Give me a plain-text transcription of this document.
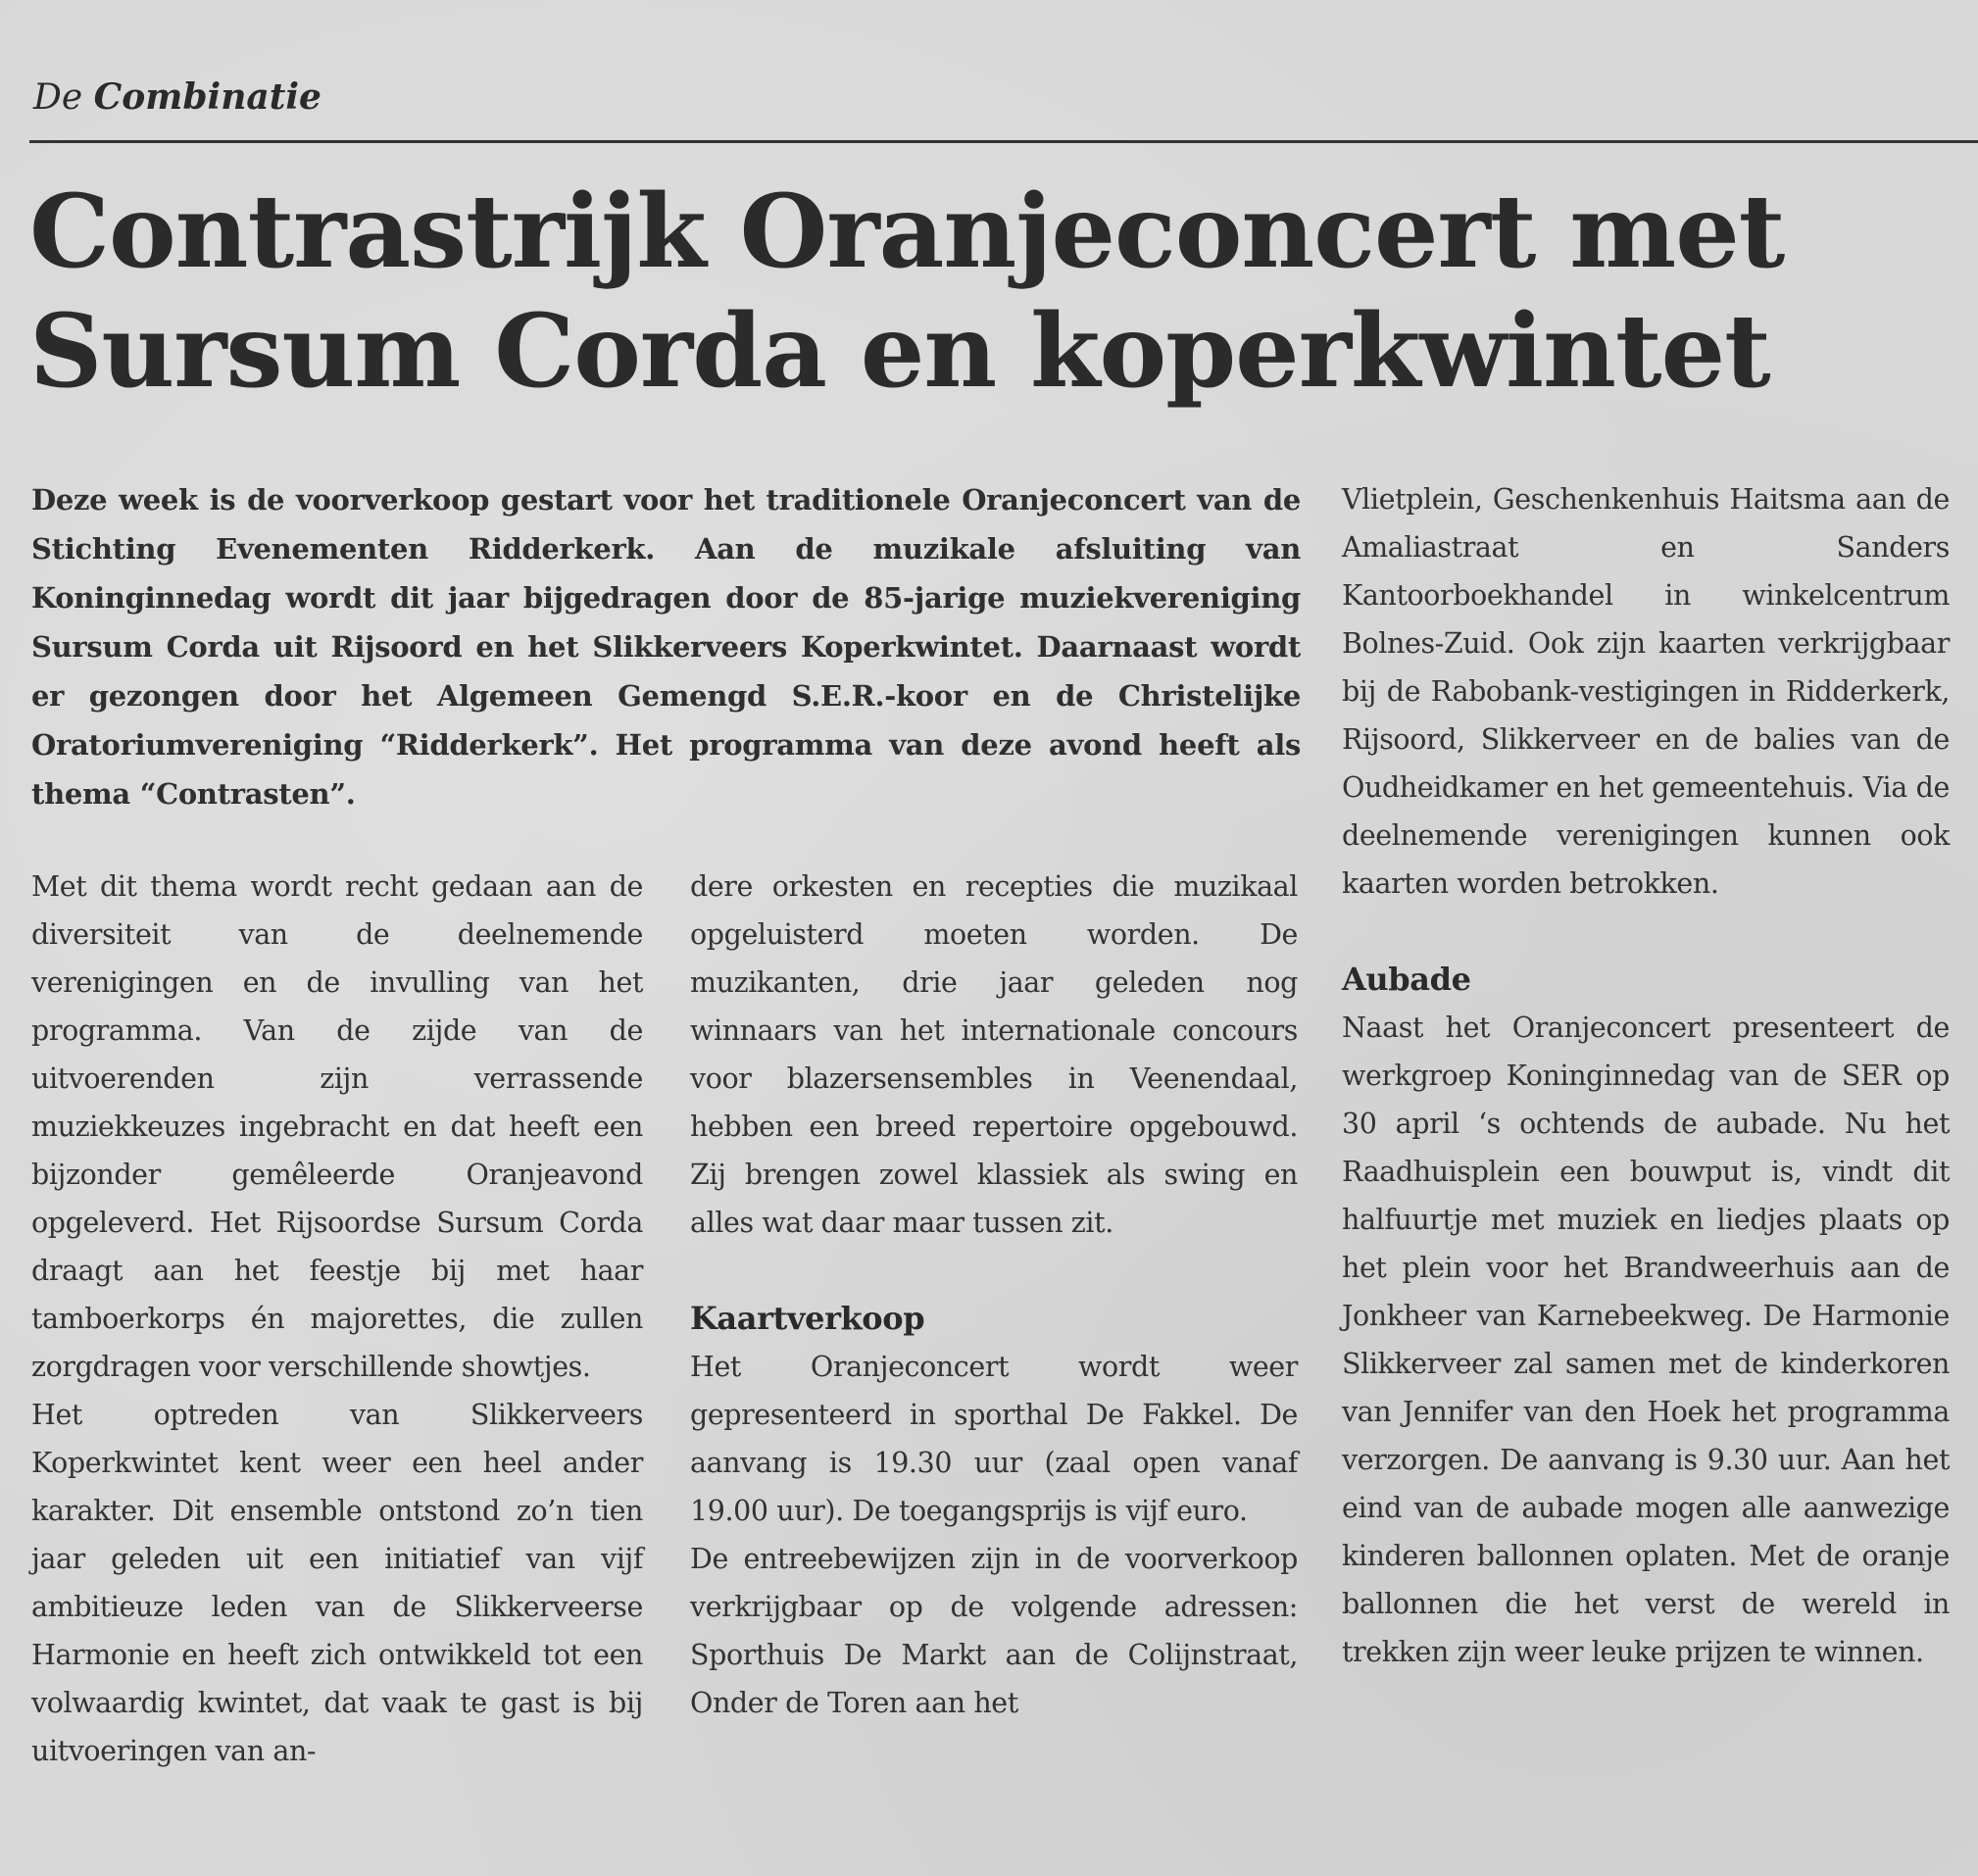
De Combinatie
Contrastrijk Oranjeconcert met
Sursum Corda en koperkwintet

Deze week is de voorverkoop gestart voor het traditionele Oranjeconcert van de Stichting Evenementen Ridderkerk. Aan de muzikale afsluiting van Koninginnedag wordt dit jaar bijgedragen door de 85-jarige muziekvereniging Sursum Corda uit Rijsoord en het Slikkerveers Koperkwintet. Daarnaast wordt er gezongen door het Algemeen Gemengd S.E.R.-koor en de Christelijke Oratoriumvereniging “Ridderkerk”. Het programma van deze avond heeft als thema “Contrasten”.

Met dit thema wordt recht gedaan aan de diversiteit van de deelnemende verenigingen en de invulling van het programma. Van de zijde van de uitvoerenden zijn verrassende muziekkeuzes ingebracht en dat heeft een bijzonder gemêleerde Oranjeavond opgeleverd. Het Rijsoordse Sursum Corda draagt aan het feestje bij met haar tamboerkorps én majorettes, die zullen zorgdragen voor verschillende showtjes.

Het optreden van Slikkerveers Koperkwintet kent weer een heel ander karakter. Dit ensemble ontstond zo’n tien jaar geleden uit een initiatief van vijf ambitieuze leden van de Slikkerveerse Harmonie en heeft zich ontwikkeld tot een volwaardig kwintet, dat vaak te gast is bij uitvoeringen van an-

dere orkesten en recepties die muzikaal opgeluisterd moeten worden. De muzikanten, drie jaar geleden nog winnaars van het internationale concours voor blazersensembles in Veenendaal, hebben een breed repertoire opgebouwd. Zij brengen zowel klassiek als swing en alles wat daar maar tussen zit.

Kaartverkoop

Het Oranjeconcert wordt weer gepresenteerd in sporthal De Fakkel. De aanvang is 19.30 uur (zaal open vanaf 19.00 uur). De toegangsprijs is vijf euro.

De entreebewijzen zijn in de voorverkoop verkrijgbaar op de volgende adressen: Sporthuis De Markt aan de Colijnstraat, Onder de Toren aan het

Vlietplein, Geschenkenhuis Haitsma aan de Amaliastraat en Sanders Kantoorboekhandel in winkelcentrum Bolnes-Zuid. Ook zijn kaarten verkrijgbaar bij de Rabobank-vestigingen in Ridderkerk, Rijsoord, Slikkerveer en de balies van de Oudheidkamer en het gemeentehuis. Via de deelnemende verenigingen kunnen ook kaarten worden betrokken.

Aubade

Naast het Oranjeconcert presenteert de werkgroep Koninginnedag van de SER op 30 april ‘s ochtends de aubade. Nu het Raadhuisplein een bouwput is, vindt dit halfuurtje met muziek en liedjes plaats op het plein voor het Brandweerhuis aan de Jonkheer van Karnebeekweg. De Harmonie Slikkerveer zal samen met de kinderkoren van Jennifer van den Hoek het programma verzorgen. De aanvang is 9.30 uur. Aan het eind van de aubade mogen alle aanwezige kinderen ballonnen oplaten. Met de oranje ballonnen die het verst de wereld in trekken zijn weer leuke prijzen te winnen.
